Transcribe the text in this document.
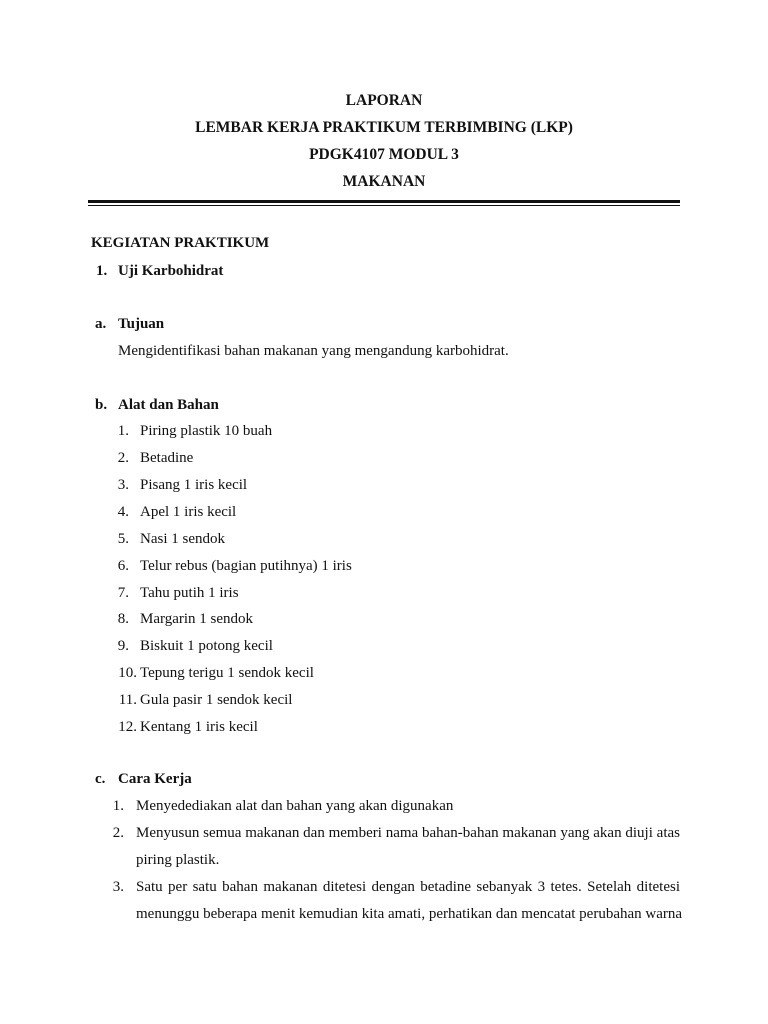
LAPORAN
LEMBAR KERJA PRAKTIKUM TERBIMBING (LKP)
PDGK4107 MODUL 3
MAKANAN
KEGIATAN PRAKTIKUM
1. Uji Karbohidrat
a. Tujuan
Mengidentifikasi bahan makanan yang mengandung karbohidrat.
b. Alat dan Bahan
1. Piring plastik 10 buah
2. Betadine
3. Pisang 1 iris kecil
4. Apel 1 iris kecil
5. Nasi 1 sendok
6. Telur rebus (bagian putihnya) 1 iris
7. Tahu putih 1 iris
8. Margarin 1 sendok
9. Biskuit 1 potong kecil
10. Tepung terigu 1 sendok kecil
11. Gula pasir 1 sendok kecil
12. Kentang 1 iris kecil
c. Cara Kerja
1. Menyedediakan alat dan bahan yang akan digunakan
2. Menyusun semua makanan dan memberi nama bahan-bahan makanan yang akan diuji atas
piring plastik.
3. Satu per satu bahan makanan ditetesi dengan betadine sebanyak 3 tetes. Setelah ditetesi
menunggu beberapa menit kemudian kita amati, perhatikan dan mencatat perubahan warna
